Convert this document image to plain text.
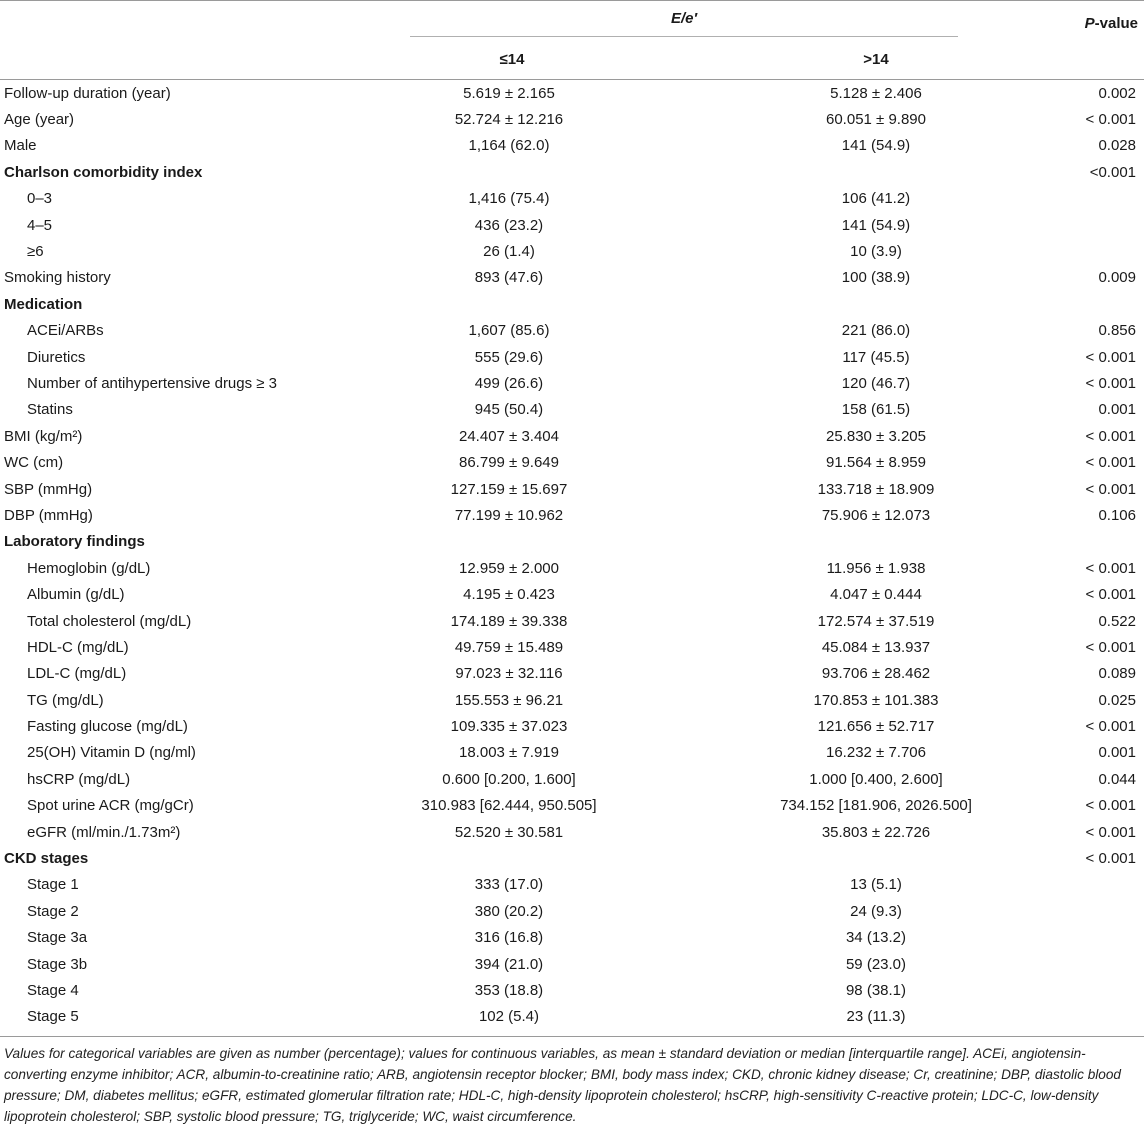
	E/e′		P-value
	≤14	>14	

Follow-up duration (year)	5.619 ± 2.165	5.128 ± 2.406	0.002
Age (year)	52.724 ± 12.216	60.051 ± 9.890	< 0.001
Male	1,164 (62.0)	141 (54.9)	0.028
Charlson comorbidity index			<0.001
0–3	1,416 (75.4)	106 (41.2)	
4–5	436 (23.2)	141 (54.9)	
≥6	26 (1.4)	10 (3.9)	
Smoking history	893 (47.6)	100 (38.9)	0.009
Medication			
ACEi/ARBs	1,607 (85.6)	221 (86.0)	0.856
Diuretics	555 (29.6)	117 (45.5)	< 0.001
Number of antihypertensive drugs ≥ 3	499 (26.6)	120 (46.7)	< 0.001
Statins	945 (50.4)	158 (61.5)	0.001
BMI (kg/m²)	24.407 ± 3.404	25.830 ± 3.205	< 0.001
WC (cm)	86.799 ± 9.649	91.564 ± 8.959	< 0.001
SBP (mmHg)	127.159 ± 15.697	133.718 ± 18.909	< 0.001
DBP (mmHg)	77.199 ± 10.962	75.906 ± 12.073	0.106
Laboratory findings			
Hemoglobin (g/dL)	12.959 ± 2.000	11.956 ± 1.938	< 0.001
Albumin (g/dL)	4.195 ± 0.423	4.047 ± 0.444	< 0.001
Total cholesterol (mg/dL)	174.189 ± 39.338	172.574 ± 37.519	0.522
HDL-C (mg/dL)	49.759 ± 15.489	45.084 ± 13.937	< 0.001
LDL-C (mg/dL)	97.023 ± 32.116	93.706 ± 28.462	0.089
TG (mg/dL)	155.553 ± 96.21	170.853 ± 101.383	0.025
Fasting glucose (mg/dL)	109.335 ± 37.023	121.656 ± 52.717	< 0.001
25(OH) Vitamin D (ng/ml)	18.003 ± 7.919	16.232 ± 7.706	0.001
hsCRP (mg/dL)	0.600 [0.200, 1.600]	1.000 [0.400, 2.600]	0.044
Spot urine ACR (mg/gCr)	310.983 [62.444, 950.505]	734.152 [181.906, 2026.500]	< 0.001
eGFR (ml/min./1.73m²)	52.520 ± 30.581	35.803 ± 22.726	< 0.001
CKD stages			< 0.001
Stage 1	333 (17.0)	13 (5.1)	
Stage 2	380 (20.2)	24 (9.3)	
Stage 3a	316 (16.8)	34 (13.2)	
Stage 3b	394 (21.0)	59 (23.0)	
Stage 4	353 (18.8)	98 (38.1)	
Stage 5	102 (5.4)	23 (11.3)	

Values for categorical variables are given as number (percentage); values for continuous variables, as mean ± standard deviation or median [interquartile range]. ACEi, angiotensin-converting enzyme inhibitor; ACR, albumin-to-creatinine ratio; ARB, angiotensin receptor blocker; BMI, body mass index; CKD, chronic kidney disease; Cr, creatinine; DBP, diastolic blood pressure; DM, diabetes mellitus; eGFR, estimated glomerular filtration rate; HDL-C, high-density lipoprotein cholesterol; hsCRP, high-sensitivity C-reactive protein; LDC-C, low-density lipoprotein cholesterol; SBP, systolic blood pressure; TG, triglyceride; WC, waist circumference.
